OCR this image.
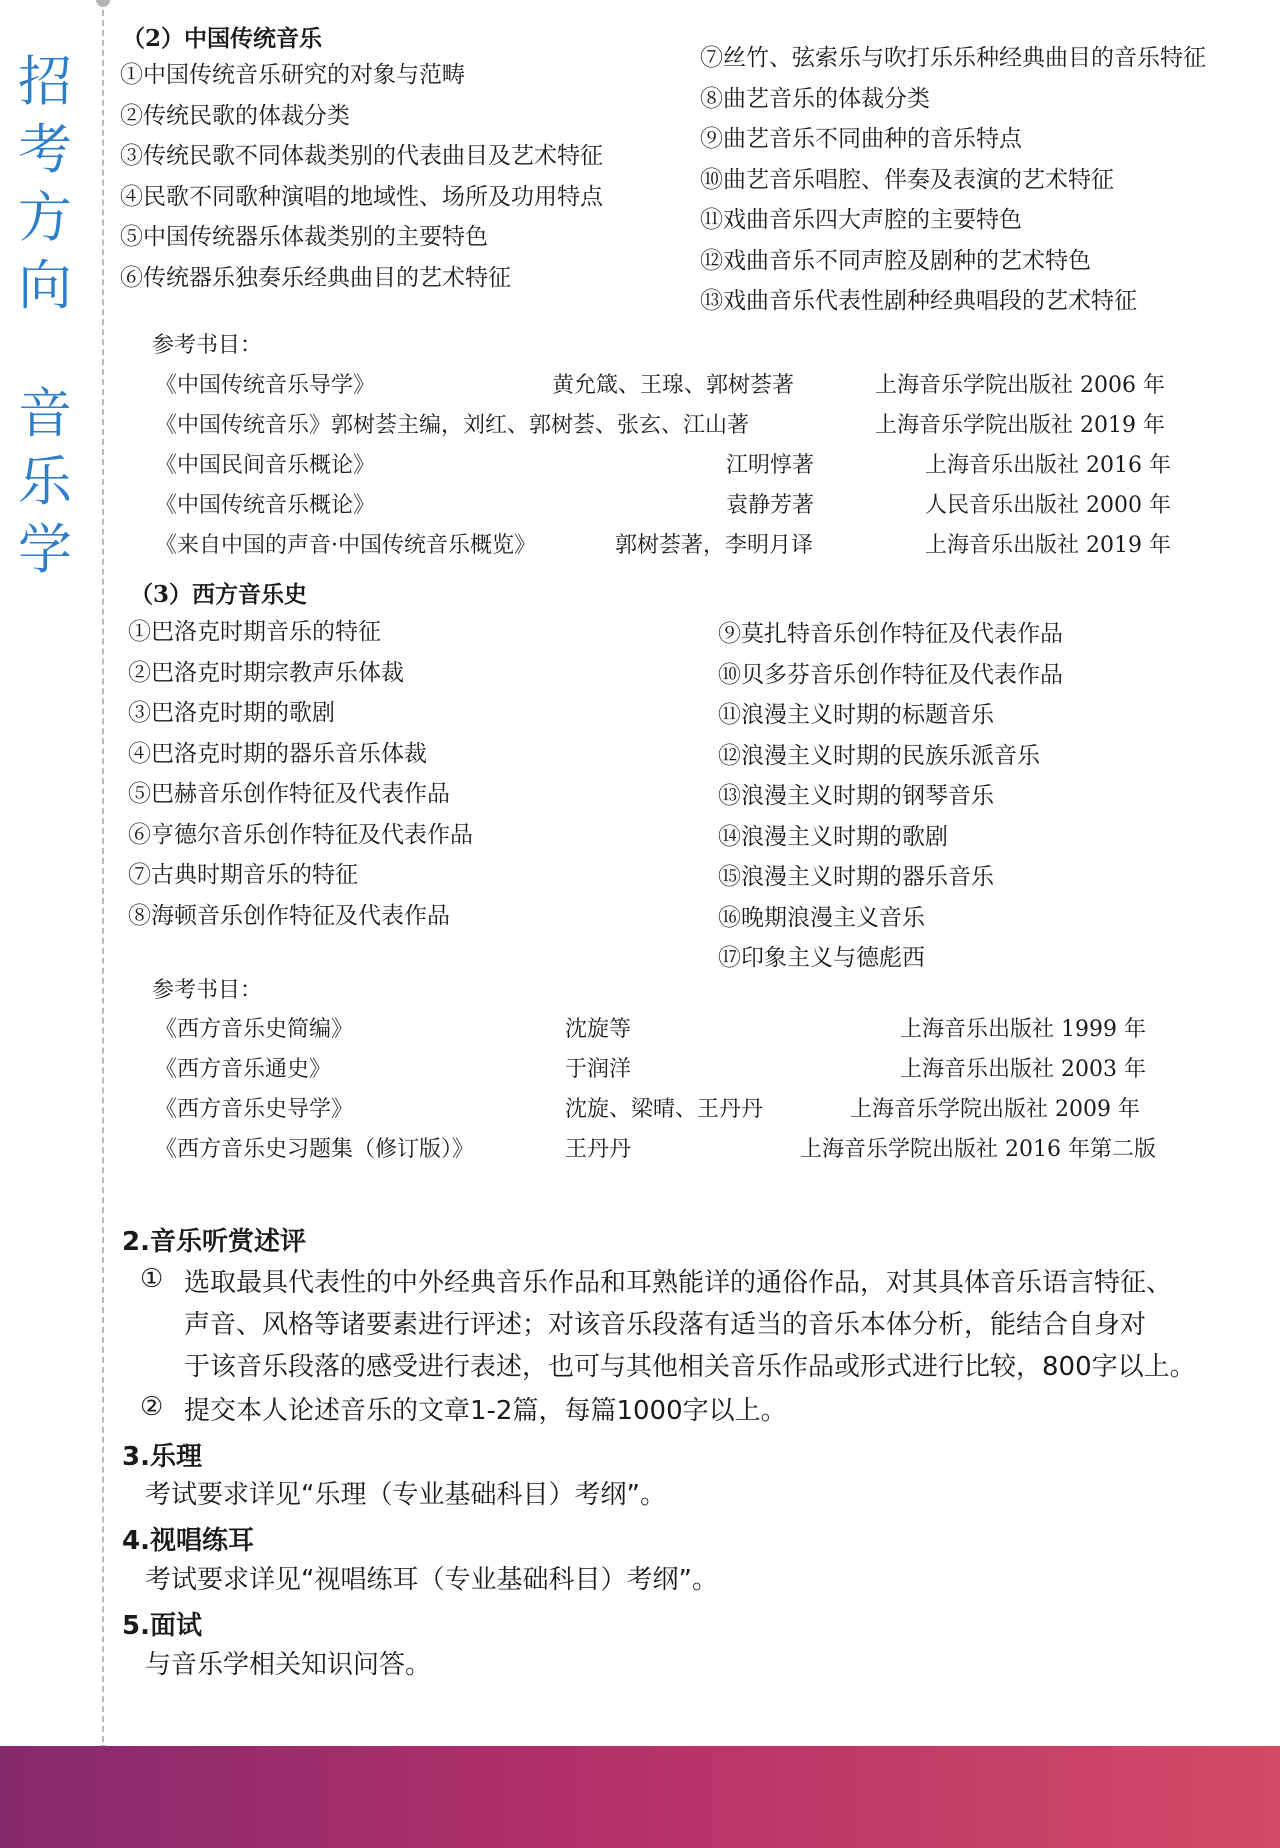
招
考
方
向
音
乐
学
（2）中国传统音乐
①中国传统音乐研究的对象与范畴
②传统民歌的体裁分类
③传统民歌不同体裁类别的代表曲目及艺术特征
④民歌不同歌种演唱的地域性、场所及功用特点
⑤中国传统器乐体裁类别的主要特色
⑥传统器乐独奏乐经典曲目的艺术特征
⑦丝竹、弦索乐与吹打乐乐种经典曲目的音乐特征
⑧曲艺音乐的体裁分类
⑨曲艺音乐不同曲种的音乐特点
⑩曲艺音乐唱腔、伴奏及表演的艺术特征
⑪戏曲音乐四大声腔的主要特色
⑫戏曲音乐不同声腔及剧种的艺术特色
⑬戏曲音乐代表性剧种经典唱段的艺术特征
参考书目：
《中国传统音乐导学》	黄允箴、王瑔、郭树荟著	上海音乐学院出版社 2006 年
《中国传统音乐》郭树荟主编，刘红、郭树荟、张玄、江山著	上海音乐学院出版社 2019 年
《中国民间音乐概论》	江明惇著	上海音乐出版社 2016 年
《中国传统音乐概论》	袁静芳著	人民音乐出版社 2000 年
《来自中国的声音·中国传统音乐概览》	郭树荟著，李明月译	上海音乐出版社 2019 年
（3）西方音乐史
①巴洛克时期音乐的特征
②巴洛克时期宗教声乐体裁
③巴洛克时期的歌剧
④巴洛克时期的器乐音乐体裁
⑤巴赫音乐创作特征及代表作品
⑥亨德尔音乐创作特征及代表作品
⑦古典时期音乐的特征
⑧海顿音乐创作特征及代表作品
⑨莫扎特音乐创作特征及代表作品
⑩贝多芬音乐创作特征及代表作品
⑪浪漫主义时期的标题音乐
⑫浪漫主义时期的民族乐派音乐
⑬浪漫主义时期的钢琴音乐
⑭浪漫主义时期的歌剧
⑮浪漫主义时期的器乐音乐
⑯晚期浪漫主义音乐
⑰印象主义与德彪西
参考书目：
《西方音乐史简编》	沈旋等	上海音乐出版社 1999 年
《西方音乐通史》	于润洋	上海音乐出版社 2003 年
《西方音乐史导学》	沈旋、梁晴、王丹丹	上海音乐学院出版社 2009 年
《西方音乐史习题集（修订版）》	王丹丹	上海音乐学院出版社 2016 年第二版
2.音乐听赏述评
① 选取最具代表性的中外经典音乐作品和耳熟能详的通俗作品，对其具体音乐语言特征、
声音、风格等诸要素进行评述；对该音乐段落有适当的音乐本体分析，能结合自身对
于该音乐段落的感受进行表述，也可与其他相关音乐作品或形式进行比较，800字以上。
② 提交本人论述音乐的文章1-2篇，每篇1000字以上。
3.乐理
考试要求详见“乐理（专业基础科目）考纲”。
4.视唱练耳
考试要求详见“视唱练耳（专业基础科目）考纲”。
5.面试
与音乐学相关知识问答。
